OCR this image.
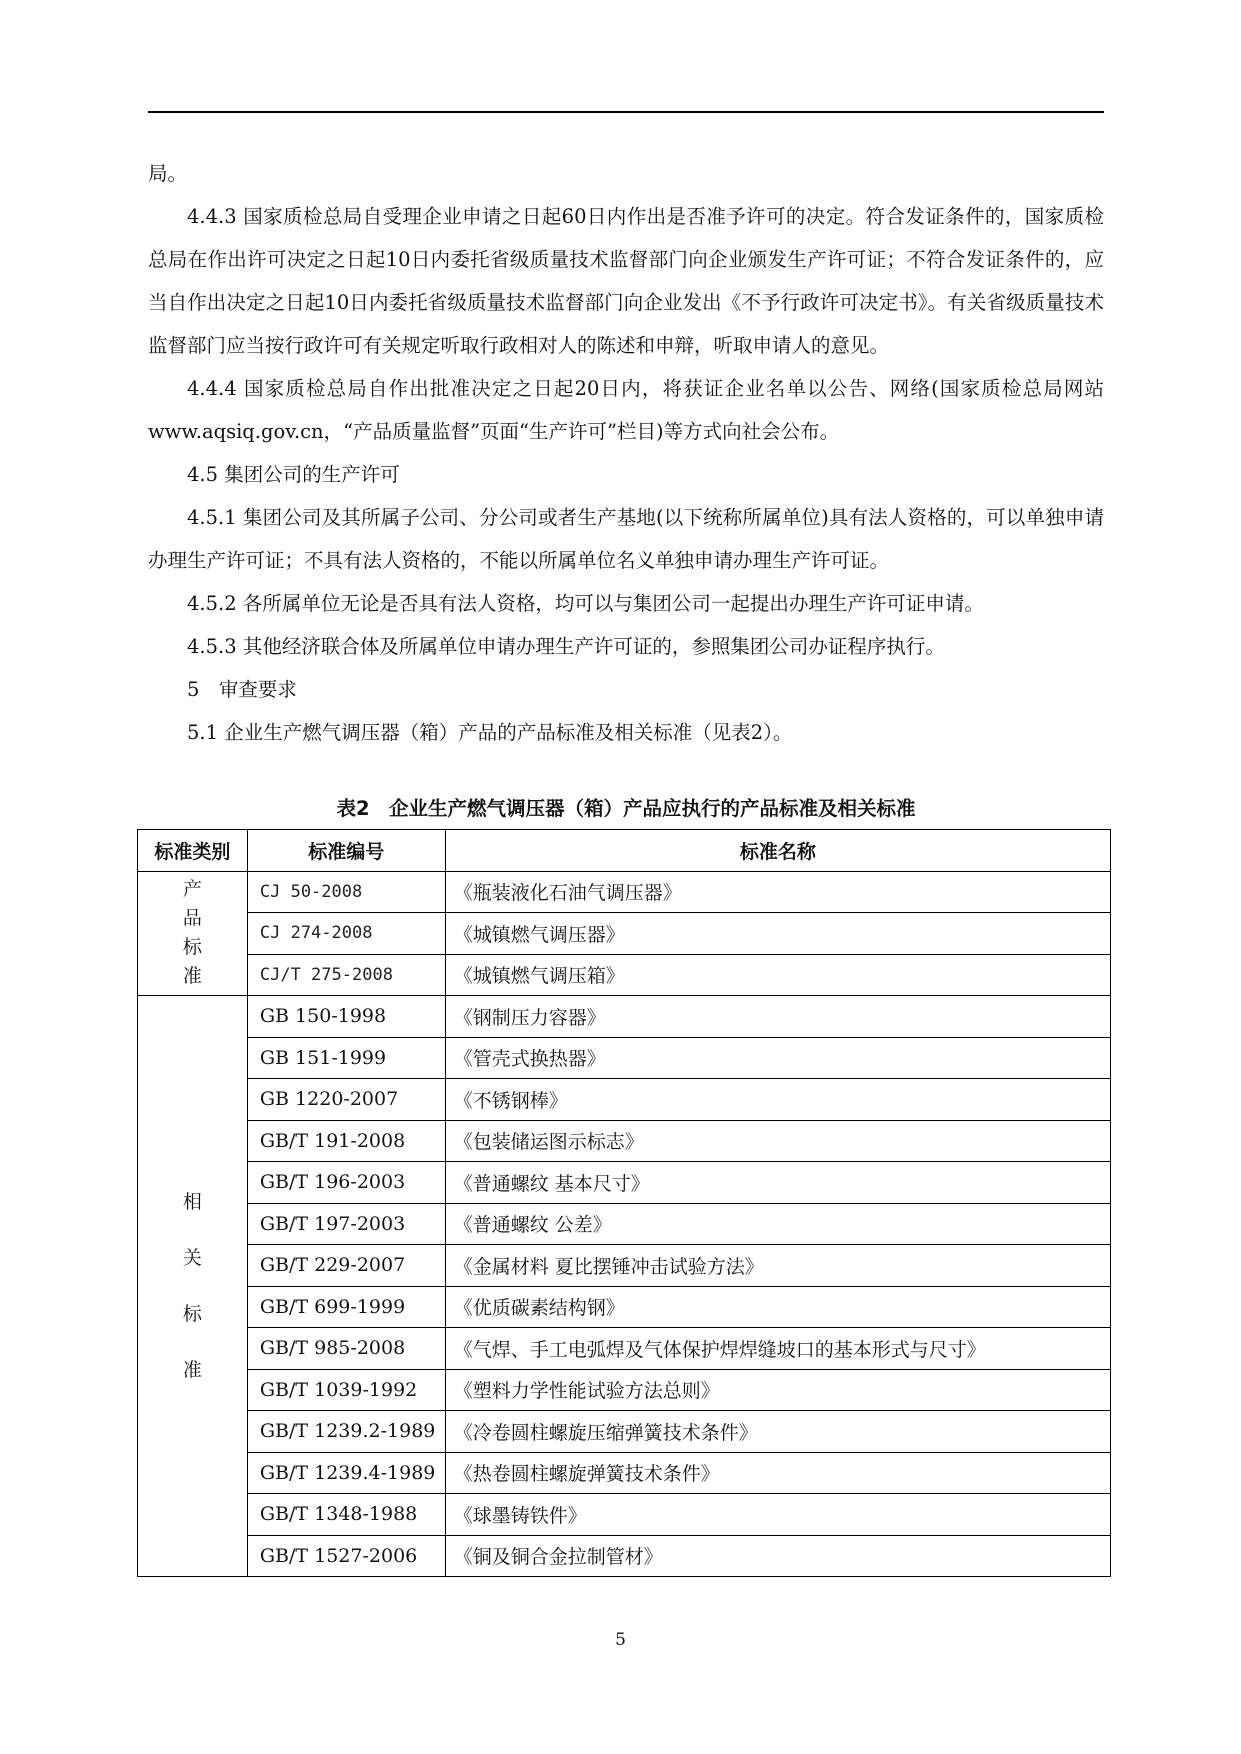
局。

4.4.3 国家质检总局自受理企业申请之日起60日内作出是否准予许可的决定。符合发证条件的，国家质检总局在作出许可决定之日起10日内委托省级质量技术监督部门向企业颁发生产许可证；不符合发证条件的，应当自作出决定之日起10日内委托省级质量技术监督部门向企业发出《不予行政许可决定书》。有关省级质量技术监督部门应当按行政许可有关规定听取行政相对人的陈述和申辩，听取申请人的意见。

4.4.4 国家质检总局自作出批准决定之日起20日内，将获证企业名单以公告、网络(国家质检总局网站www.aqsiq.gov.cn，“产品质量监督”页面“生产许可”栏目)等方式向社会公布。

4.5 集团公司的生产许可

4.5.1 集团公司及其所属子公司、分公司或者生产基地(以下统称所属单位)具有法人资格的，可以单独申请办理生产许可证；不具有法人资格的，不能以所属单位名义单独申请办理生产许可证。

4.5.2 各所属单位无论是否具有法人资格，均可以与集团公司一起提出办理生产许可证申请。

4.5.3 其他经济联合体及所属单位申请办理生产许可证的，参照集团公司办证程序执行。

5　审查要求

5.1 企业生产燃气调压器（箱）产品的产品标准及相关标准（见表2）。

表2　企业生产燃气调压器（箱）产品应执行的产品标准及相关标准
标准类别	标准编号	标准名称
产
品
标
准	CJ 50-2008	《瓶装液化石油气调压器》
	CJ 274-2008	《城镇燃气调压器》
	CJ/T 275-2008	《城镇燃气调压箱》
相
关
标
准	GB 150-1998	《钢制压力容器》
	GB 151-1999	《管壳式换热器》
	GB 1220-2007	《不锈钢棒》
	GB/T 191-2008	《包装储运图示标志》
	GB/T 196-2003	《普通螺纹 基本尺寸》
	GB/T 197-2003	《普通螺纹 公差》
	GB/T 229-2007	《金属材料 夏比摆锤冲击试验方法》
	GB/T 699-1999	《优质碳素结构钢》
	GB/T 985-2008	《气焊、手工电弧焊及气体保护焊焊缝坡口的基本形式与尺寸》
	GB/T 1039-1992	《塑料力学性能试验方法总则》
	GB/T 1239.2-1989	《冷卷圆柱螺旋压缩弹簧技术条件》
	GB/T 1239.4-1989	《热卷圆柱螺旋弹簧技术条件》
	GB/T 1348-1988	《球墨铸铁件》
	GB/T 1527-2006	《铜及铜合金拉制管材》
5
